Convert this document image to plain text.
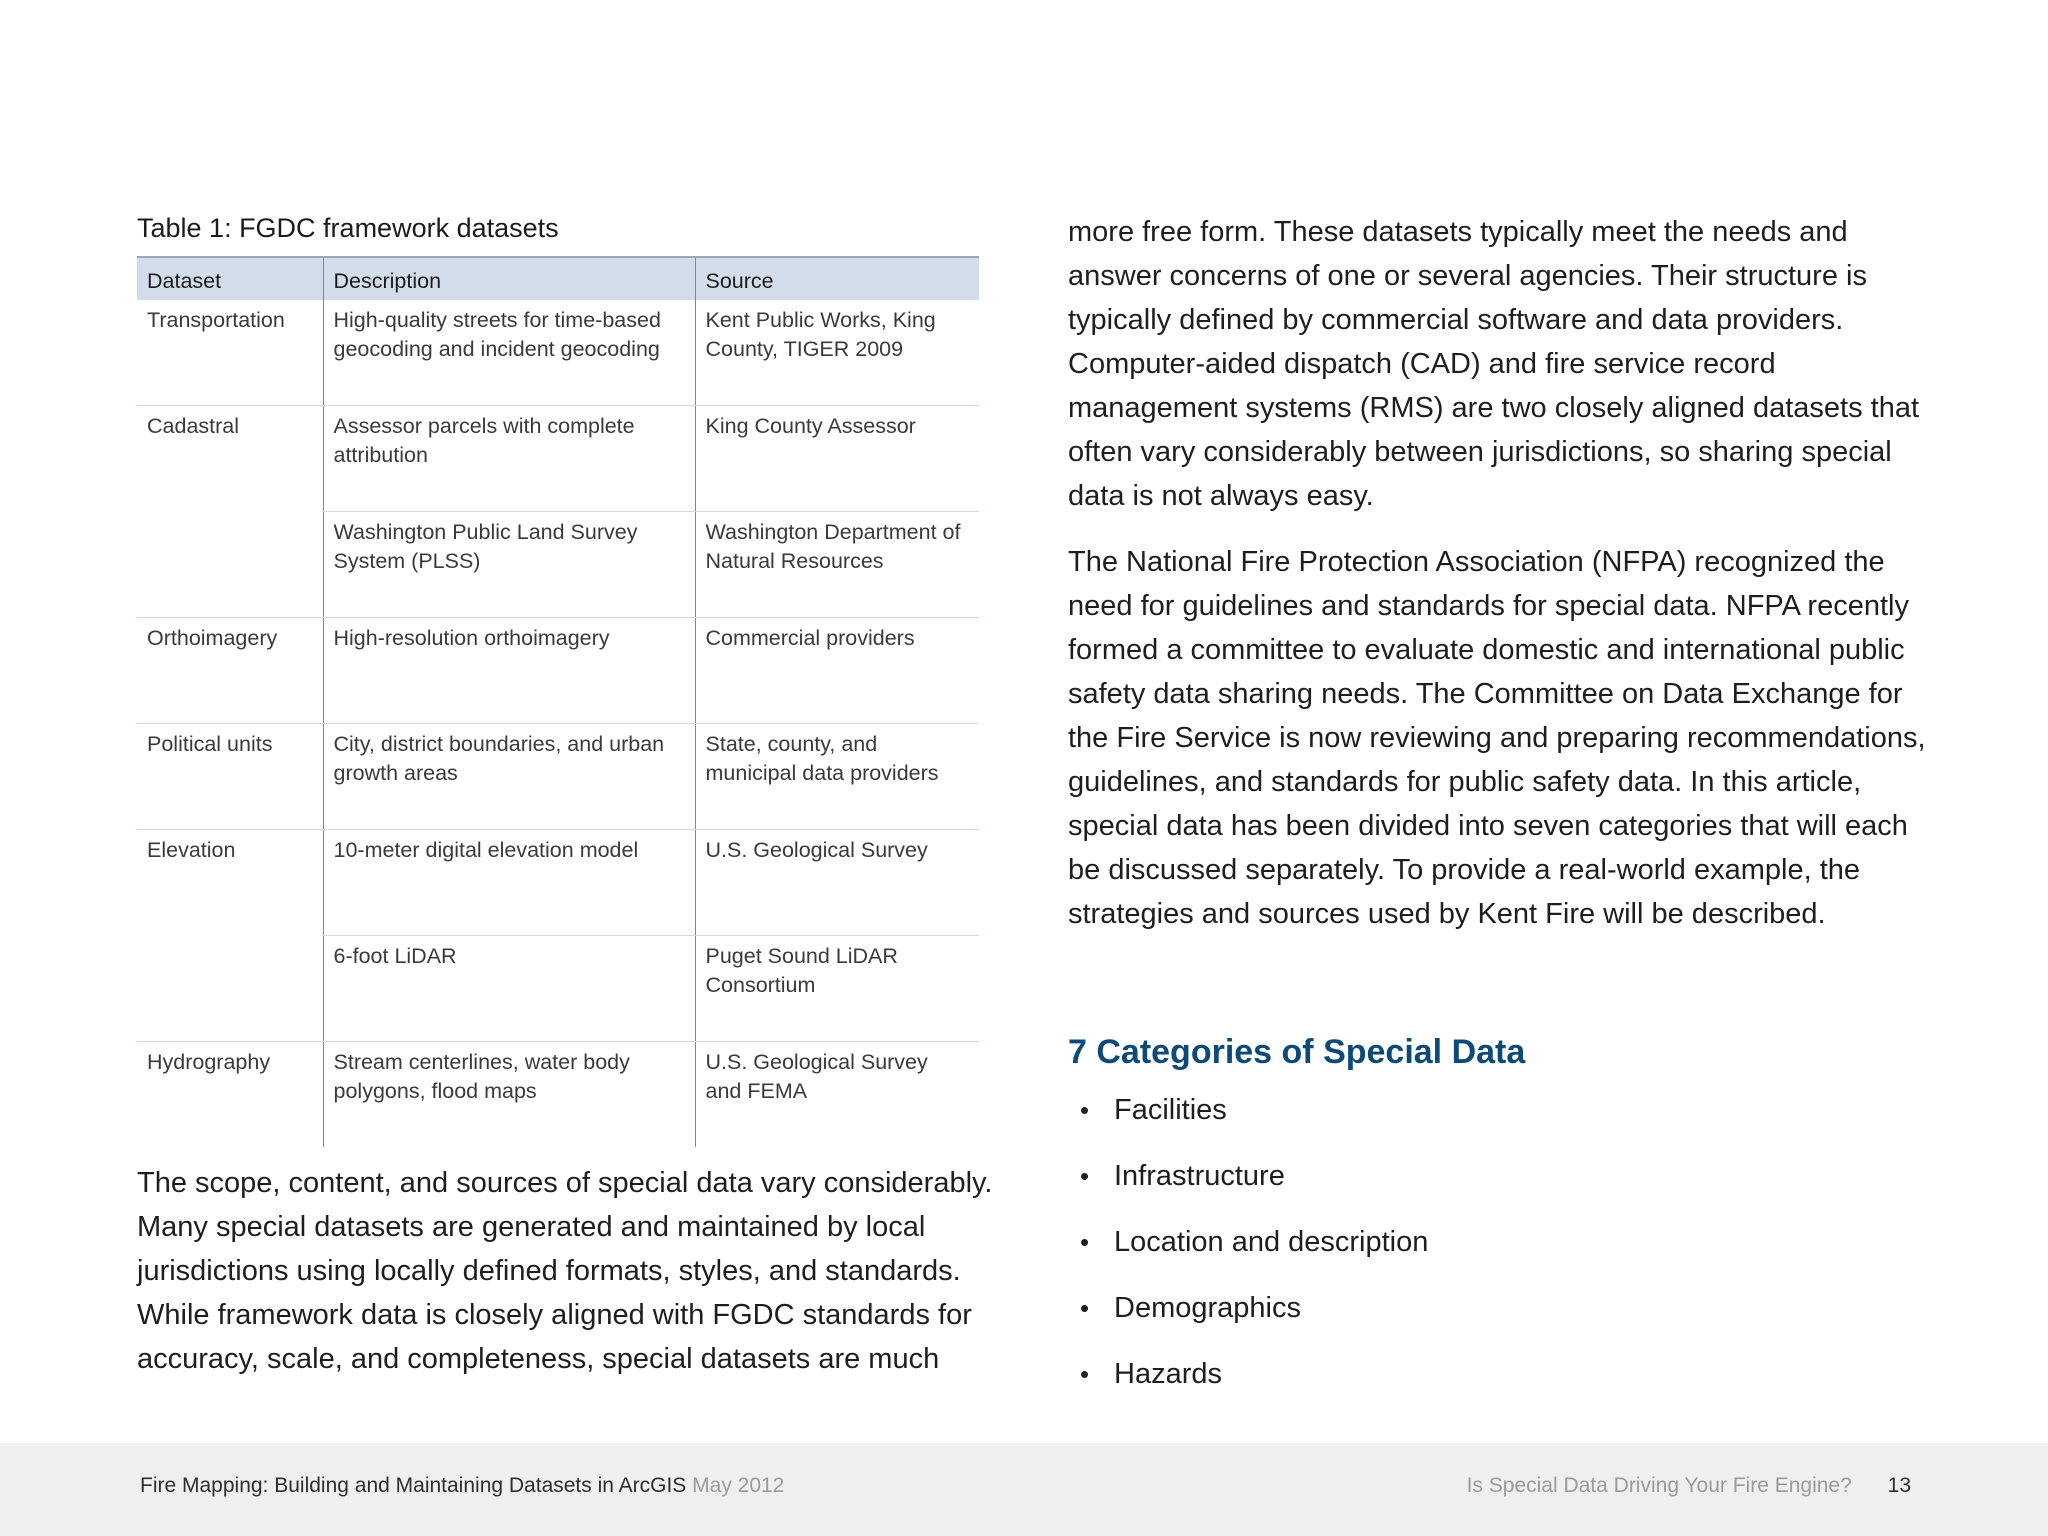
Table 1: FGDC framework datasets

Dataset	Description	Source
Transportation	High-quality streets for time-based geocoding and incident geocoding	Kent Public Works, King County, TIGER 2009
Cadastral	Assessor parcels with complete attribution	King County Assessor
	Washington Public Land Survey System (PLSS)	Washington Department of Natural Resources
Orthoimagery	High-resolution orthoimagery	Commercial providers
Political units	City, district boundaries, and urban growth areas	State, county, and municipal data providers
Elevation	10-meter digital elevation model	U.S. Geological Survey
	6-foot LiDAR	Puget Sound LiDAR Consortium
Hydrography	Stream centerlines, water body polygons, flood maps	U.S. Geological Survey and FEMA

The scope, content, and sources of special data vary considerably. Many special datasets are generated and maintained by local jurisdictions using locally defined formats, styles, and standards. While framework data is closely aligned with FGDC standards for accuracy, scale, and completeness, special datasets are much

more free form. These datasets typically meet the needs and answer concerns of one or several agencies. Their structure is typically defined by commercial software and data providers. Computer-aided dispatch (CAD) and fire service record management systems (RMS) are two closely aligned datasets that often vary considerably between jurisdictions, so sharing special data is not always easy.

The National Fire Protection Association (NFPA) recognized the need for guidelines and standards for special data. NFPA recently formed a committee to evaluate domestic and international public safety data sharing needs. The Committee on Data Exchange for the Fire Service is now reviewing and preparing recommendations, guidelines, and standards for public safety data. In this article, special data has been divided into seven categories that will each be discussed separately. To provide a real-world example, the strategies and sources used by Kent Fire will be described.

7 Categories of Special Data
• Facilities
• Infrastructure
• Location and description
• Demographics
• Hazards
Fire Mapping: Building and Maintaining Datasets in ArcGIS May 2012	Is Special Data Driving Your Fire Engine? 13
